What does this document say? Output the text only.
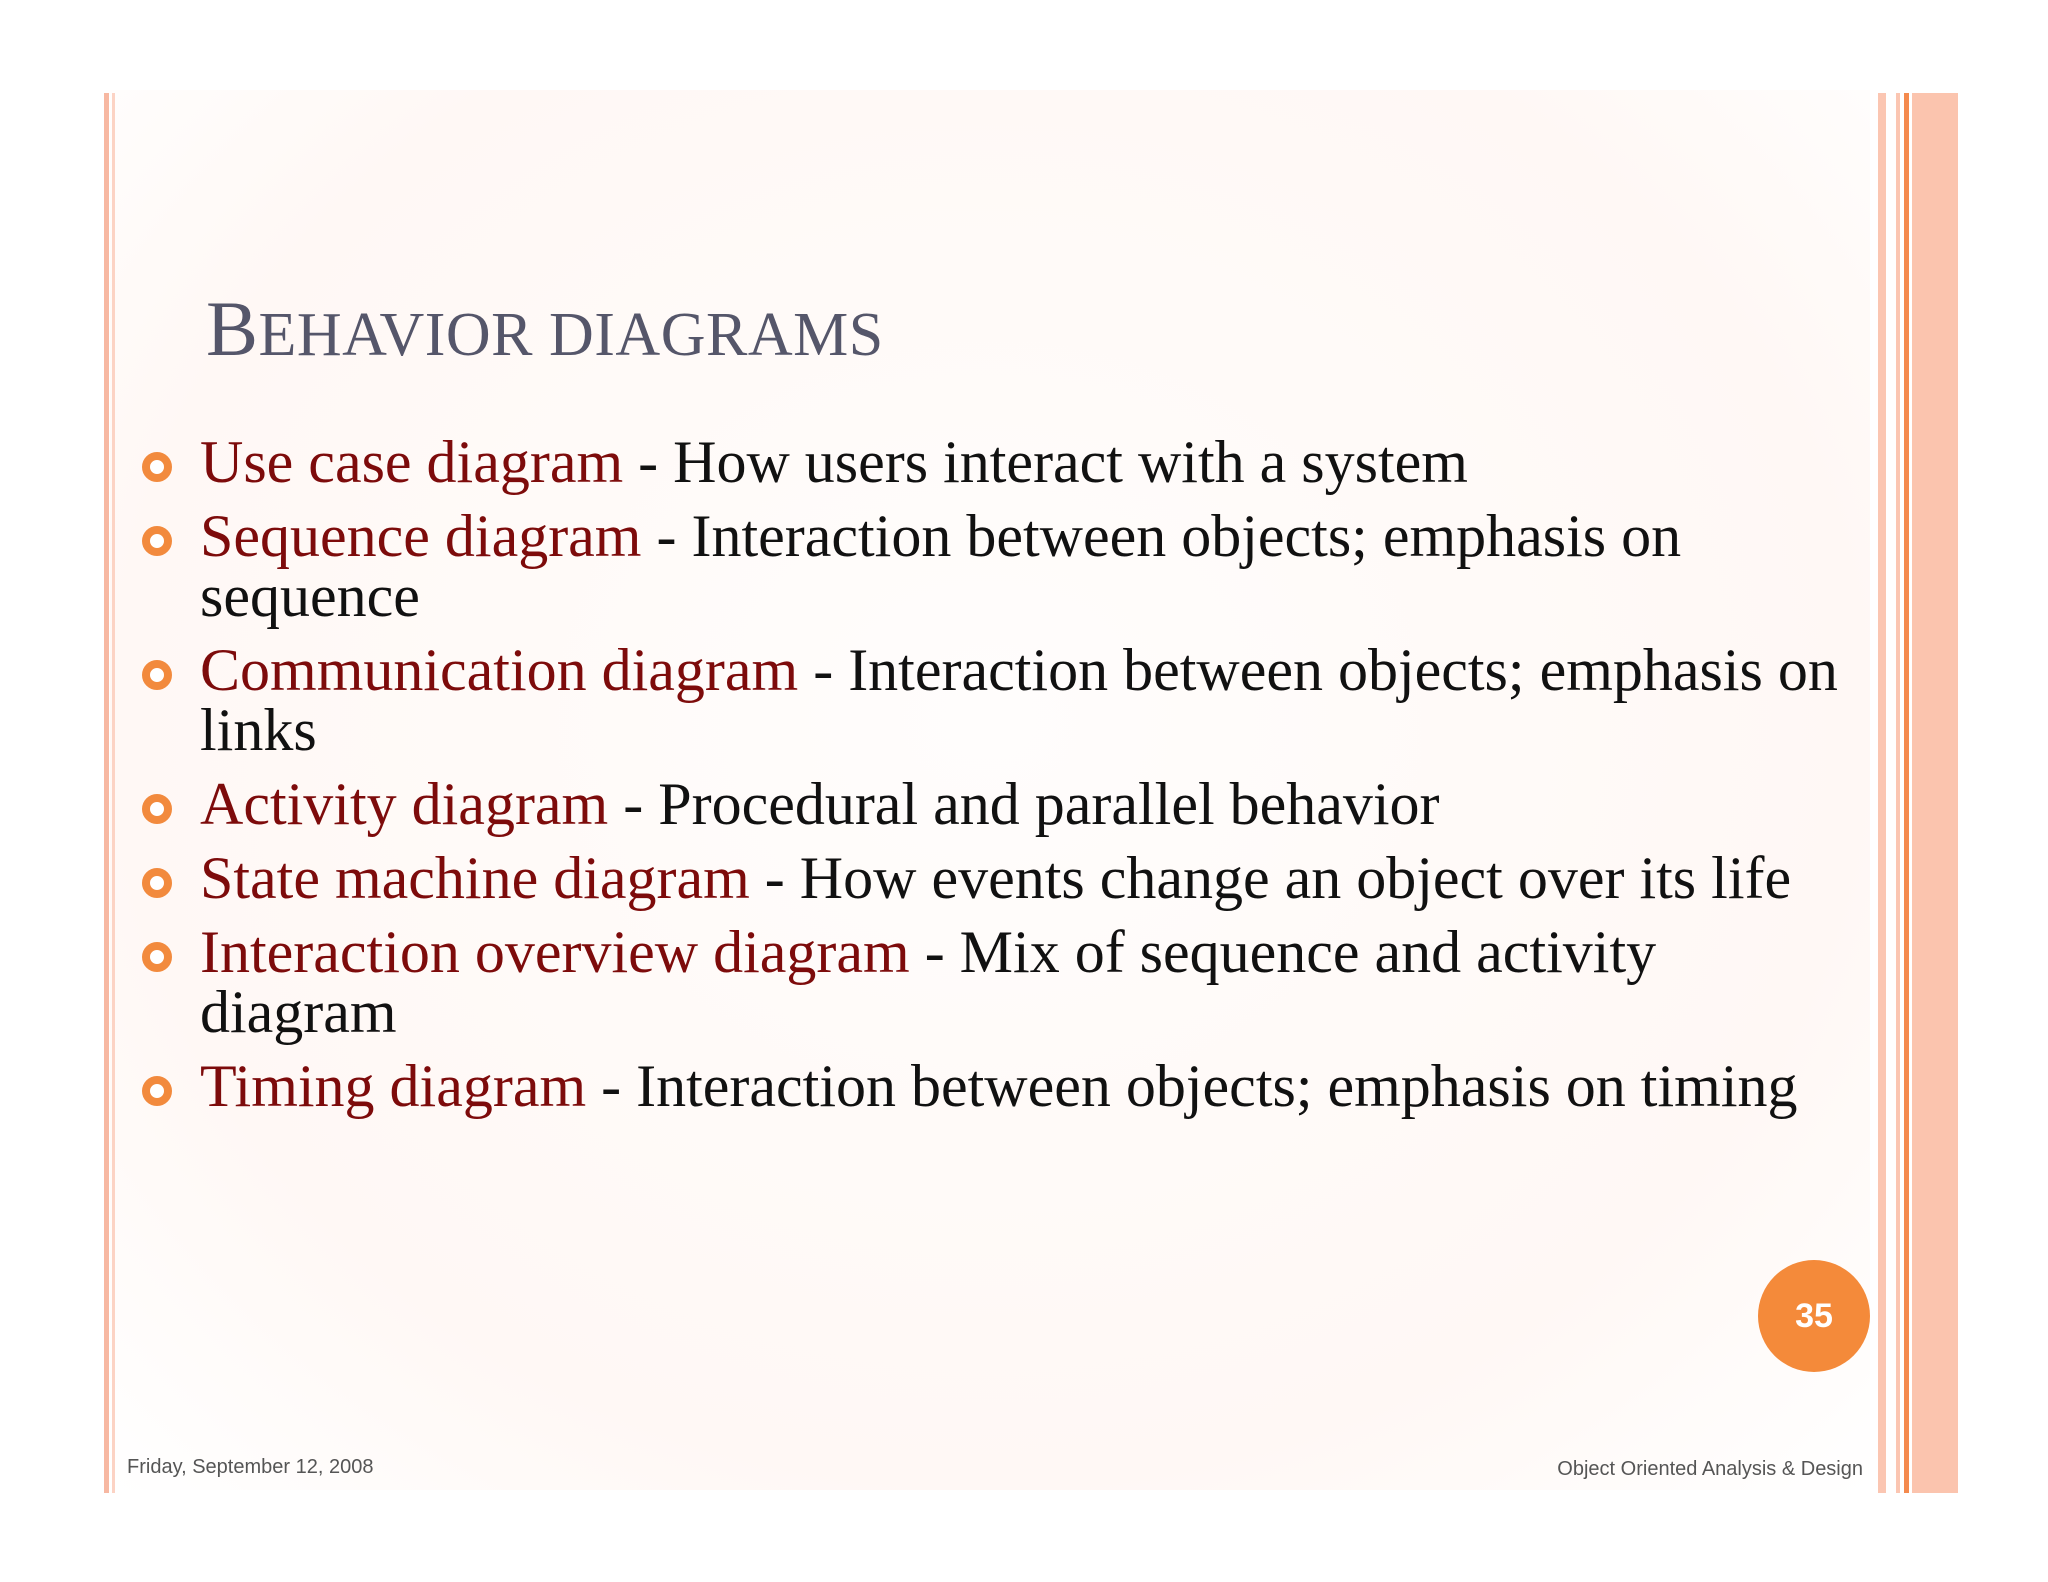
BEHAVIOR DIAGRAMS
Use case diagram - How users interact with a system
Sequence diagram - Interaction between objects; emphasis on sequence
Communication diagram - Interaction between objects; emphasis on links
Activity diagram - Procedural and parallel behavior
State machine diagram - How events change an object over its life
Interaction overview diagram - Mix of sequence and activity diagram
Timing diagram - Interaction between objects; emphasis on timing
35
Friday, September 12, 2008	Object Oriented Analysis & Design
